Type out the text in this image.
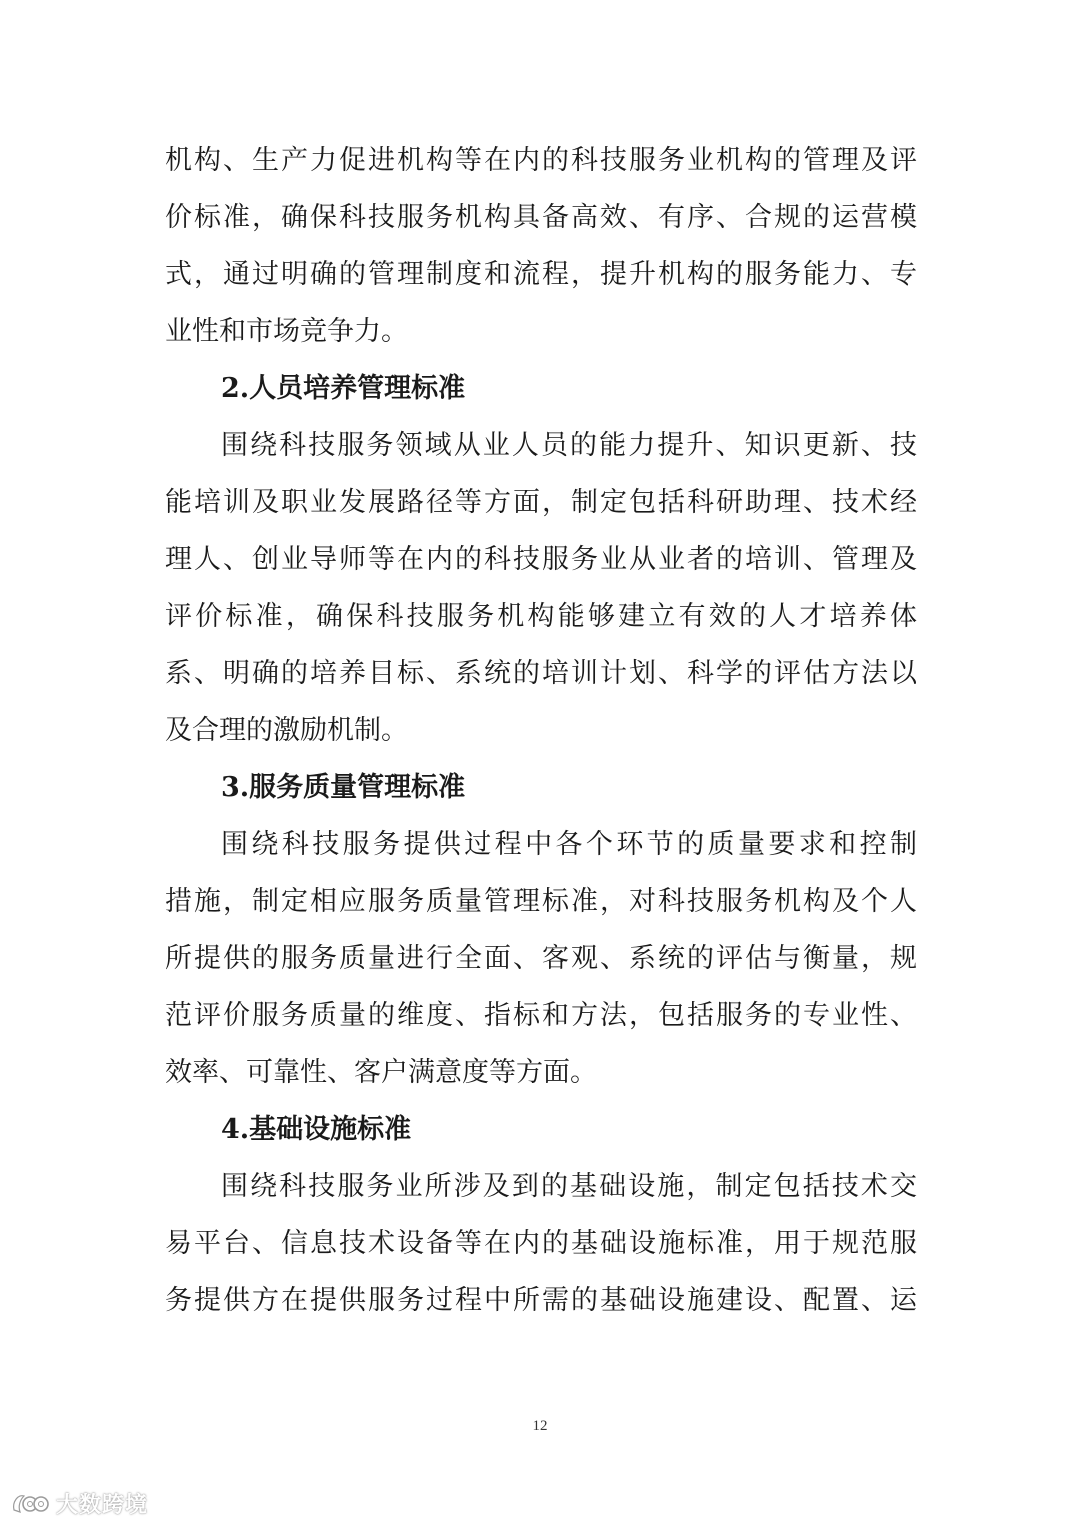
机构、生产力促进机构等在内的科技服务业机构的管理及评
价标准，确保科技服务机构具备高效、有序、合规的运营模
式，通过明确的管理制度和流程，提升机构的服务能力、专
业性和市场竞争力。
2.人员培养管理标准
围绕科技服务领域从业人员的能力提升、知识更新、技
能培训及职业发展路径等方面，制定包括科研助理、技术经
理人、创业导师等在内的科技服务业从业者的培训、管理及
评价标准，确保科技服务机构能够建立有效的人才培养体
系、明确的培养目标、系统的培训计划、科学的评估方法以
及合理的激励机制。
3.服务质量管理标准
围绕科技服务提供过程中各个环节的质量要求和控制
措施，制定相应服务质量管理标准，对科技服务机构及个人
所提供的服务质量进行全面、客观、系统的评估与衡量，规
范评价服务质量的维度、指标和方法，包括服务的专业性、
效率、可靠性、客户满意度等方面。
4.基础设施标准
围绕科技服务业所涉及到的基础设施，制定包括技术交
易平台、信息技术设备等在内的基础设施标准，用于规范服
务提供方在提供服务过程中所需的基础设施建设、配置、运
12
大数跨境
